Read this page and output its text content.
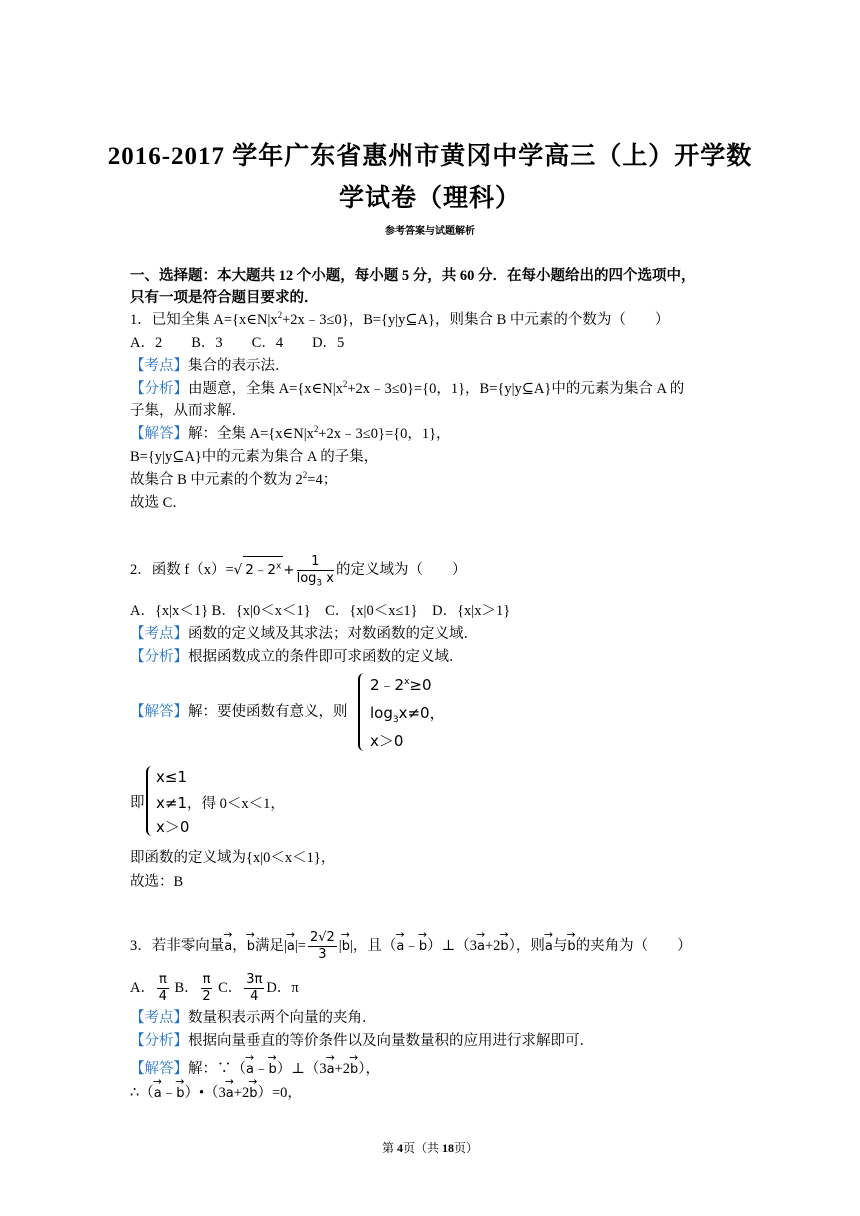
2016-2017 学年广东省惠州市黄冈中学高三（上）开学数
学试卷（理科）
参考答案与试题解析
一、选择题：本大题共 12 个小题，每小题 5 分，共 60 分．在每小题给出的四个选项中，
只有一项是符合题目要求的．
1．已知全集 $A=\{x\in N|x^2+2x﹣3\le 0\}$，B={y|y⊆A}，则集合 B 中元素的个数为（　　）
A．2　　B．3　　C．4　　D．5
【考点】集合的表示法．
【分析】由题意，全集 $A=\{x\in N|x^2+2x﹣3\le 0\}=\{0$，1}，B={y|y⊆A}中的元素为集合 A 的
子集，从而求解．
【解答】解：全集 $A=\{x\in N|x^2+2x﹣3\le 0\}=\{0$，1}，
B={y|y⊆A}中的元素为集合 A 的子集，
故集合 B 中元素的个数为 $2^2=4$；
故选 C．
2．函数 f（x）=√ $2﹣2^x + \frac{1}{\log_3 x}$ 的定义域为（　　）
A．{x|x＜1} B．{x|0＜x＜1}　C．{x|0＜x≤1}　D．{x|x＞1}
【考点】函数的定义域及其求法；对数函数的定义域．
【分析】根据函数成立的条件即可求函数的定义域．
【解答】解：要使函数有意义，则
$2﹣2^x\ge 0$
$\log_3x\ne 0$，
x＞0
即
x≤1
x≠1，得 0＜x＜1，
x＞0
即函数的定义域为{x|0＜x＜1}，
故选：B
3．若非零向量→ a，→ b满足|→ $a|= \frac{2√2}{3}$ |→ b|，且（→ a﹣→ b）⊥（3→ a+2→ b），则→ a与→ b的夹角为（　　）
A． $\frac{\pi}{4}$ B． $\frac{\pi}{2}$ C． $\frac{3\pi}{4}$ D．π
【考点】数量积表示两个向量的夹角．
【分析】根据向量垂直的等价条件以及向量数量积的应用进行求解即可．
【解答】解：∵（→ a﹣→ b）⊥（3→ a+2→ b），
∴（→ a﹣→ b）•（3→ a+2→ b）=0，
第 4页（共 18页）
